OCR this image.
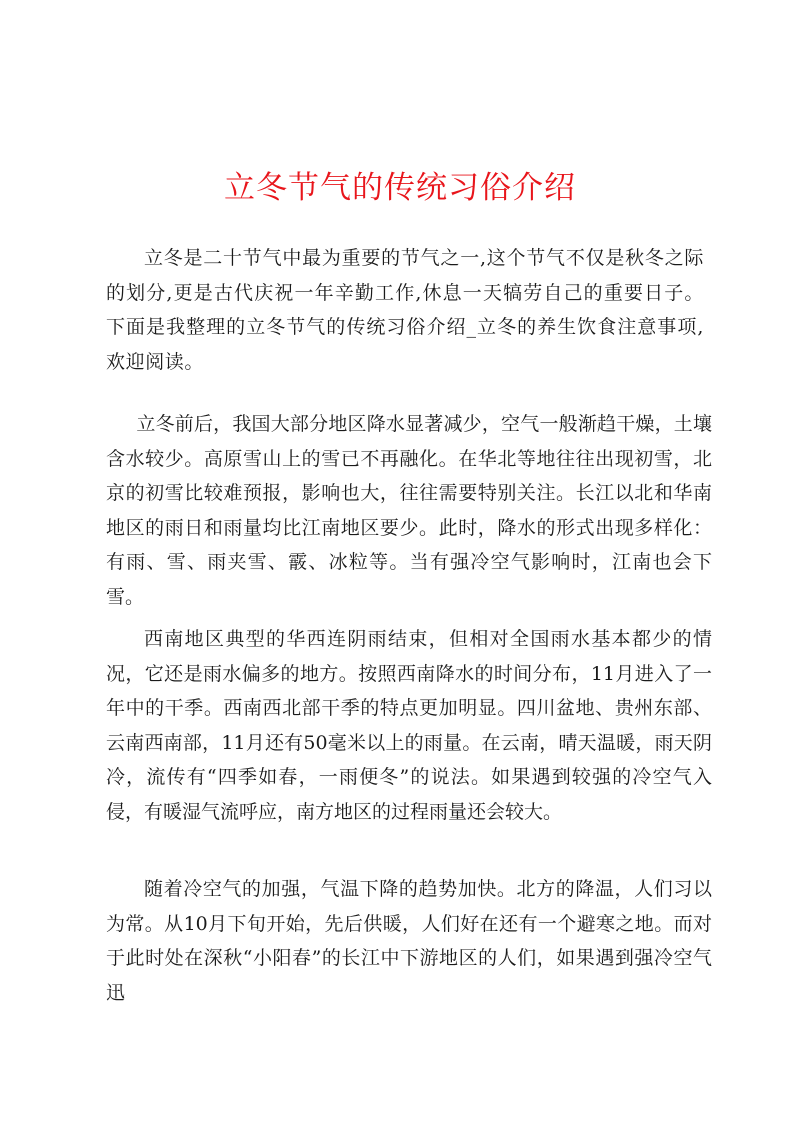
立冬节气的传统习俗介绍

立冬是二十节气中最为重要的节气之一,这个节气不仅是秋冬之际的划分,更是古代庆祝一年辛勤工作,休息一天犒劳自己的重要日子。下面是我整理的立冬节气的传统习俗介绍_立冬的养生饮食注意事项,欢迎阅读。

立冬前后，我国大部分地区降水显著减少，空气一般渐趋干燥，土壤含水较少。高原雪山上的雪已不再融化。在华北等地往往出现初雪，北京的初雪比较难预报，影响也大，往往需要特别关注。长江以北和华南地区的雨日和雨量均比江南地区要少。此时，降水的形式出现多样化：有雨、雪、雨夹雪、霰、冰粒等。当有强冷空气影响时，江南也会下雪。

西南地区典型的华西连阴雨结束，但相对全国雨水基本都少的情况，它还是雨水偏多的地方。按照西南降水的时间分布，11月进入了一年中的干季。西南西北部干季的特点更加明显。四川盆地、贵州东部、云南西南部，11月还有50毫米以上的雨量。在云南，晴天温暖，雨天阴冷，流传有“四季如春，一雨便冬”的说法。如果遇到较强的冷空气入侵，有暖湿气流呼应，南方地区的过程雨量还会较大。

随着冷空气的加强，气温下降的趋势加快。北方的降温，人们习以为常。从10月下旬开始，先后供暖，人们好在还有一个避寒之地。而对于此时处在深秋“小阳春”的长江中下游地区的人们，如果遇到强冷空气迅
